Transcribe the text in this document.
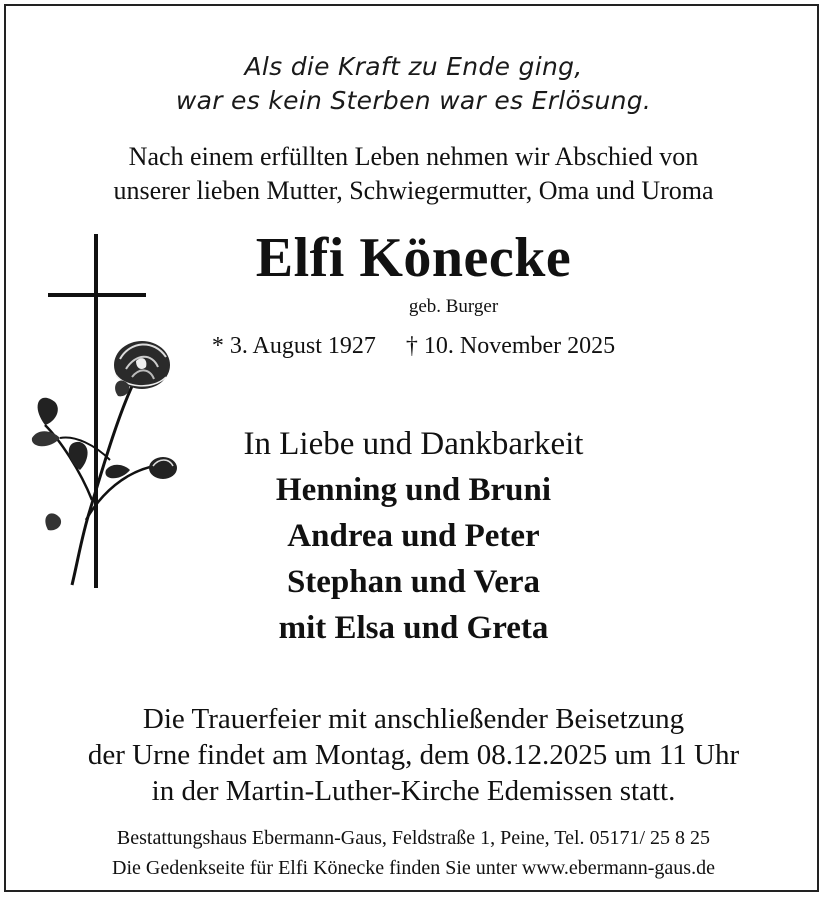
Als die Kraft zu Ende ging,
war es kein Sterben war es Erlösung.
Nach einem erfüllten Leben nehmen wir Abschied von
unserer lieben Mutter, Schwiegermutter, Oma und Uroma
Elfi Könecke
geb. Burger
* 3. August 1927 † 10. November 2025
In Liebe und Dankbarkeit
Henning und Bruni
Andrea und Peter
Stephan und Vera
mit Elsa und Greta
Die Trauerfeier mit anschließender Beisetzung
der Urne findet am Montag, dem 08.12.2025 um 11 Uhr
in der Martin-Luther-Kirche Edemissen statt.
Bestattungshaus Ebermann-Gaus, Feldstraße 1, Peine, Tel. 05171/ 25 8 25
Die Gedenkseite für Elfi Könecke finden Sie unter www.ebermann-gaus.de
